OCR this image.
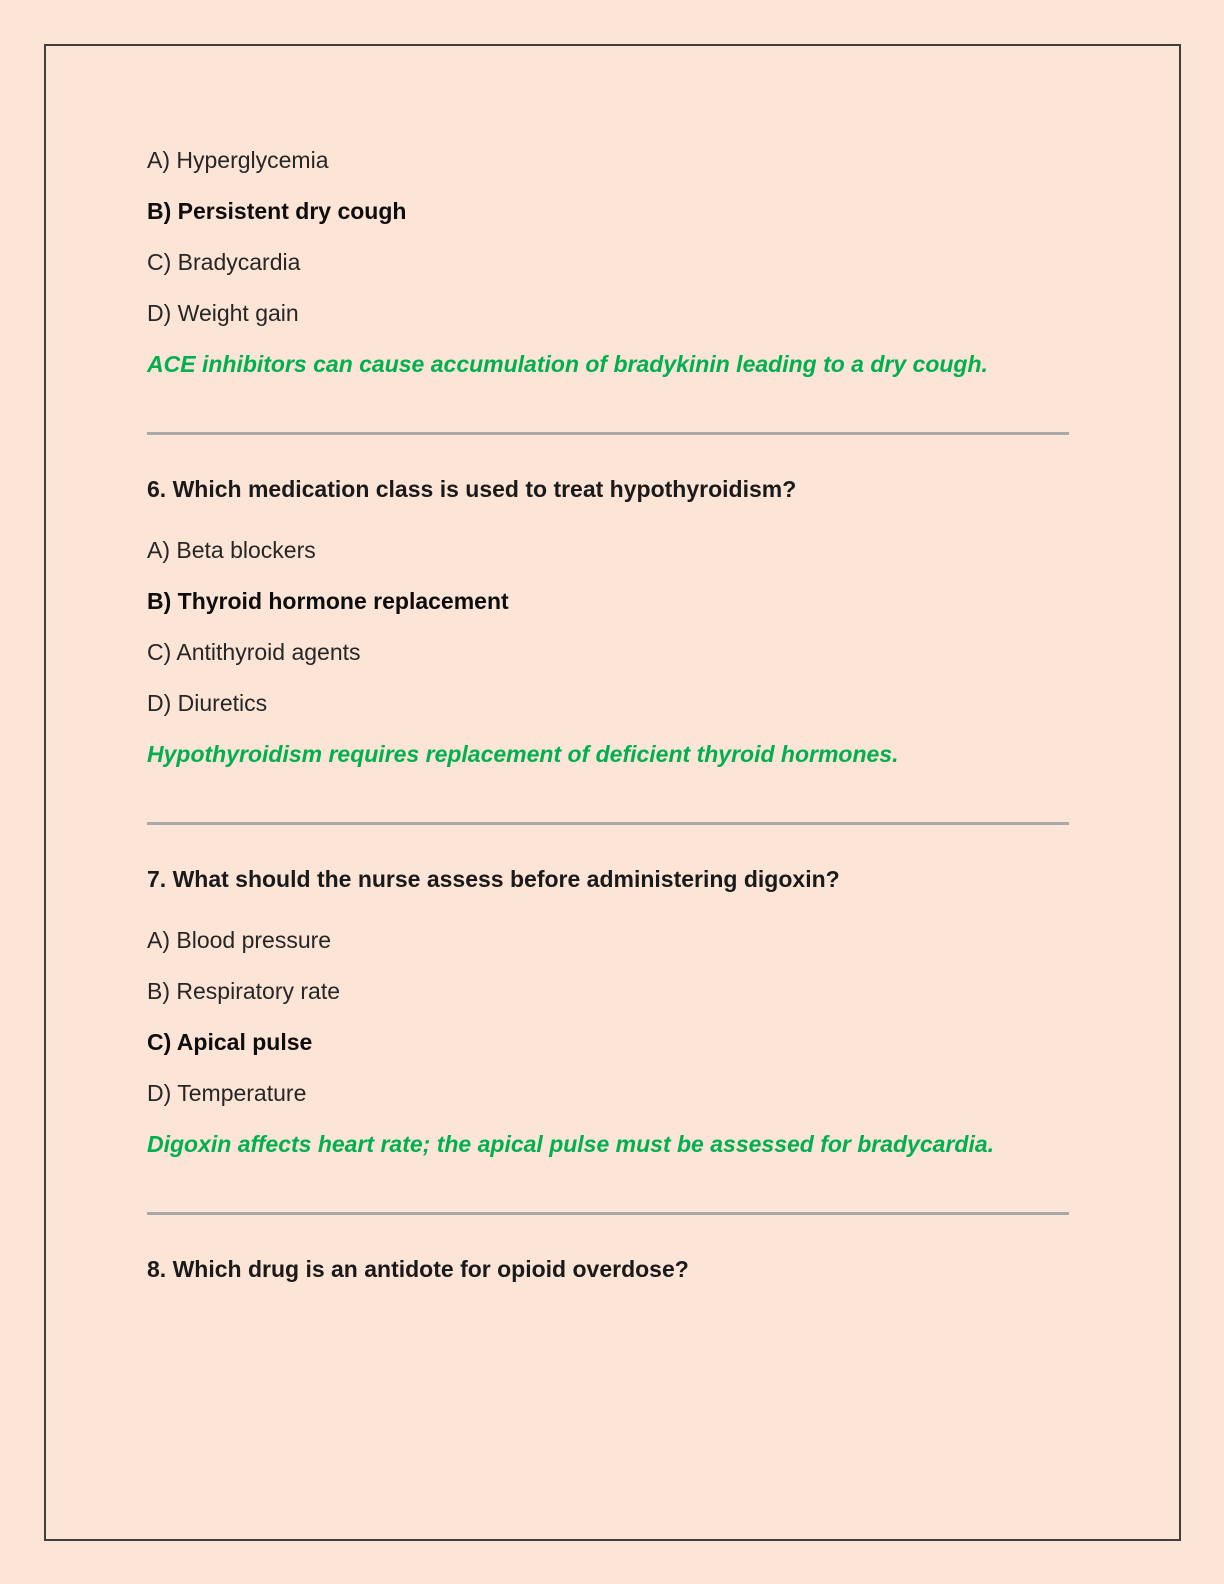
A) Hyperglycemia

B) Persistent dry cough

C) Bradycardia

D) Weight gain

ACE inhibitors can cause accumulation of bradykinin leading to a dry cough.

6. Which medication class is used to treat hypothyroidism?

A) Beta blockers

B) Thyroid hormone replacement

C) Antithyroid agents

D) Diuretics

Hypothyroidism requires replacement of deficient thyroid hormones.

7. What should the nurse assess before administering digoxin?

A) Blood pressure

B) Respiratory rate

C) Apical pulse

D) Temperature

Digoxin affects heart rate; the apical pulse must be assessed for bradycardia.

8. Which drug is an antidote for opioid overdose?
